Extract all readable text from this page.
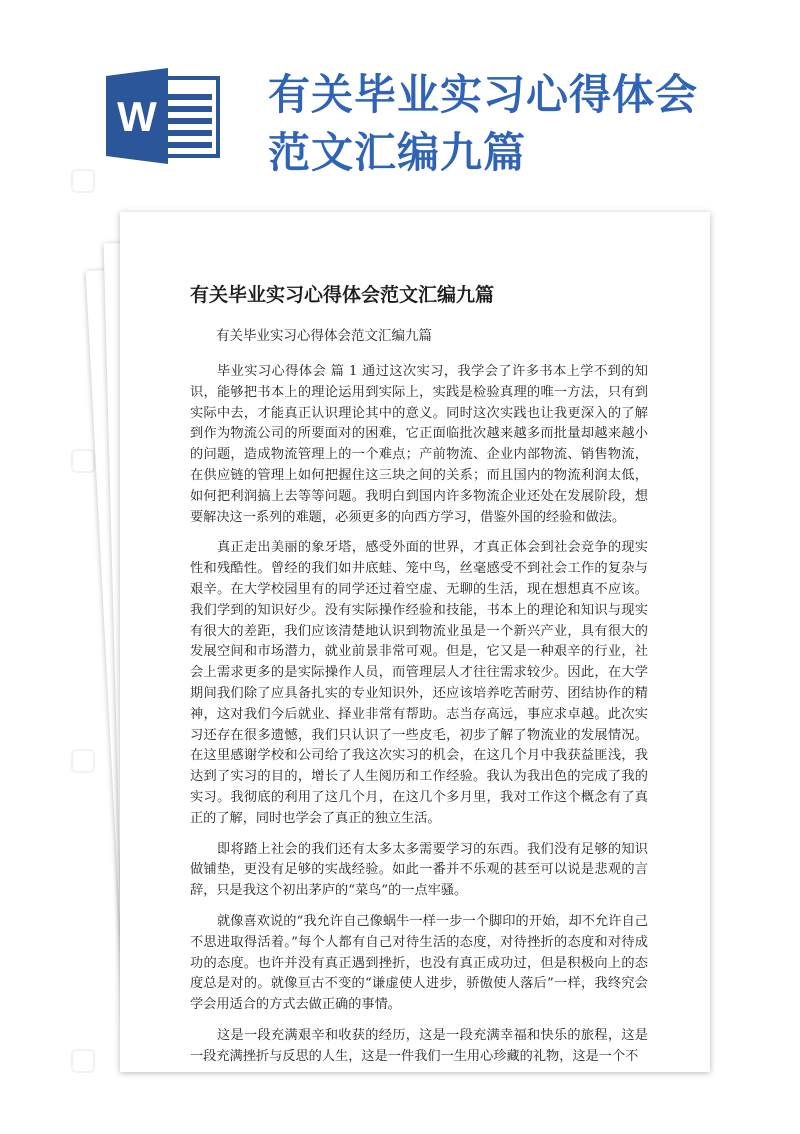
W	有关毕业实习心得体会范文汇编九篇
有关毕业实习心得体会范文汇编九篇
有关毕业实习心得体会范文汇编九篇

毕业实习心得体会 篇 1 通过这次实习，我学会了许多书本上学不到的知识，能够把书本上的理论运用到实际上，实践是检验真理的唯一方法，只有到实际中去，才能真正认识理论其中的意义。同时这次实践也让我更深入的了解到作为物流公司的所要面对的困难，它正面临批次越来越多而批量却越来越小的问题，造成物流管理上的一个难点；产前物流、企业内部物流、销售物流，在供应链的管理上如何把握住这三块之间的关系；而且国内的物流利润太低，如何把利润搞上去等等问题。我明白到国内许多物流企业还处在发展阶段，想要解决这一系列的难题，必须更多的向西方学习，借鉴外国的经验和做法。

真正走出美丽的象牙塔，感受外面的世界，才真正体会到社会竞争的现实性和残酷性。曾经的我们如井底蛙、笼中鸟，丝毫感受不到社会工作的复杂与艰辛。在大学校园里有的同学还过着空虚、无聊的生活，现在想想真不应该。我们学到的知识好少。没有实际操作经验和技能，书本上的理论和知识与现实有很大的差距，我们应该清楚地认识到物流业虽是一个新兴产业，具有很大的发展空间和市场潜力，就业前景非常可观。但是，它又是一种艰辛的行业，社会上需求更多的是实际操作人员，而管理层人才往往需求较少。因此，在大学期间我们除了应具备扎实的专业知识外，还应该培养吃苦耐劳、团结协作的精神，这对我们今后就业、择业非常有帮助。志当存高远，事应求卓越。此次实习还存在很多遗憾，我们只认识了一些皮毛，初步了解了物流业的发展情况。在这里感谢学校和公司给了我这次实习的机会，在这几个月中我获益匪浅，我达到了实习的目的，增长了人生阅历和工作经验。我认为我出色的完成了我的实习。我彻底的利用了这几个月，在这几个多月里，我对工作这个概念有了真正的了解，同时也学会了真正的独立生活。

即将踏上社会的我们还有太多太多需要学习的东西。我们没有足够的知识做铺垫，更没有足够的实战经验。如此一番并不乐观的甚至可以说是悲观的言辞，只是我这个初出茅庐的“菜鸟”的一点牢骚。

就像喜欢说的“我允许自己像蜗牛一样一步一个脚印的开始，却不允许自己不思进取得活着。”每个人都有自己对待生活的态度，对待挫折的态度和对待成功的态度。也许并没有真正遇到挫折，也没有真正成功过，但是积极向上的态度总是对的。就像亘古不变的“谦虚使人进步，骄傲使人落后”一样，我终究会学会用适合的方式去做正确的事情。

这是一段充满艰辛和收获的经历，这是一段充满幸福和快乐的旅程，这是一段充满挫折与反思的人生，这是一件我们一生用心珍藏的礼物，这是一个不
